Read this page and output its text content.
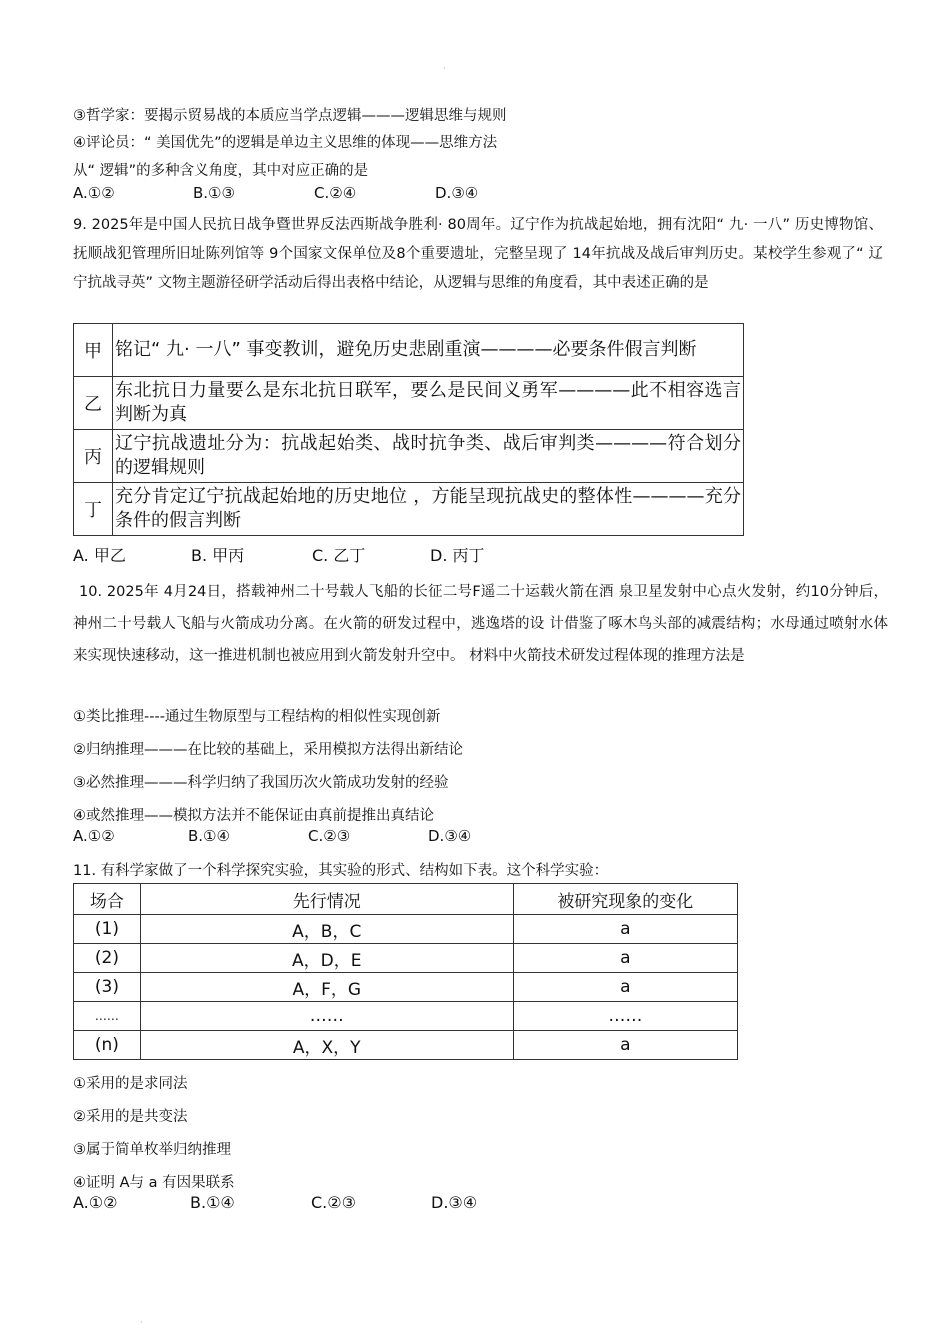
·
③哲学家：要揭示贸易战的本质应当学点逻辑———逻辑思维与规则
④评论员：“ 美国优先”的逻辑是单边主义思维的体现——思维方法
从“ 逻辑”的多种含义角度，其中对应正确的是
A.①②	B.①③	C.②④	D.③④
9. 2025年是中国人民抗日战争暨世界反法西斯战争胜利· 80周年。辽宁作为抗战起始地，拥有沈阳“ 九· 一八” 历史博物馆、抚顺战犯管理所旧址陈列馆等 9个国家文保单位及8个重要遗址，完整呈现了 14年抗战及战后审判历史。某校学生参观了“ 辽宁抗战寻英” 文物主题游径研学活动后得出表格中结论，从逻辑与思维的角度看，其中表述正确的是
甲	铭记“ 九· 一八” 事变教训，避免历史悲剧重演————必要条件假言判断
乙	东北抗日力量要么是东北抗日联军，要么是民间义勇军————此不相容选言判断为真
丙	辽宁抗战遗址分为：抗战起始类、战时抗争类、战后审判类————符合划分的逻辑规则
丁	充分肯定辽宁抗战起始地的历史地位 ，方能呈现抗战史的整体性————充分条件的假言判断
A. 甲乙	B. 甲丙	C. 乙丁	D. 丙丁
10. 2025年 4月24日，搭载神州二十号载人飞船的长征二号F遥二十运载火箭在酒 泉卫星发射中心点火发射，约10分钟后，神州二十号载人飞船与火箭成功分离。在火箭的研发过程中，逃逸塔的设 计借鉴了啄木鸟头部的减震结构；水母通过喷射水体来实现快速移动，这一推进机制也被应用到火箭发射升空中。 材料中火箭技术研发过程体现的推理方法是
①类比推理----通过生物原型与工程结构的相似性实现创新
②归纳推理———在比较的基础上，采用模拟方法得出新结论
③必然推理———科学归纳了我国历次火箭成功发射的经验
④或然推理——模拟方法并不能保证由真前提推出真结论
A.①②	B.①④	C.②③	D.③④
11. 有科学家做了一个科学探究实验，其实验的形式、结构如下表。这个科学实验：
场合	先行情况	被研究现象的变化
(1)	A，B，C	a
(2)	A，D，E	a
(3)	A，F，G	a
……	……	……
(n)	A，X，Y	a
①采用的是求同法
②采用的是共变法
③属于简单枚举归纳推理
④证明 A与 a 有因果联系
A.①②	B.①④	C.②③	D.③④
·
